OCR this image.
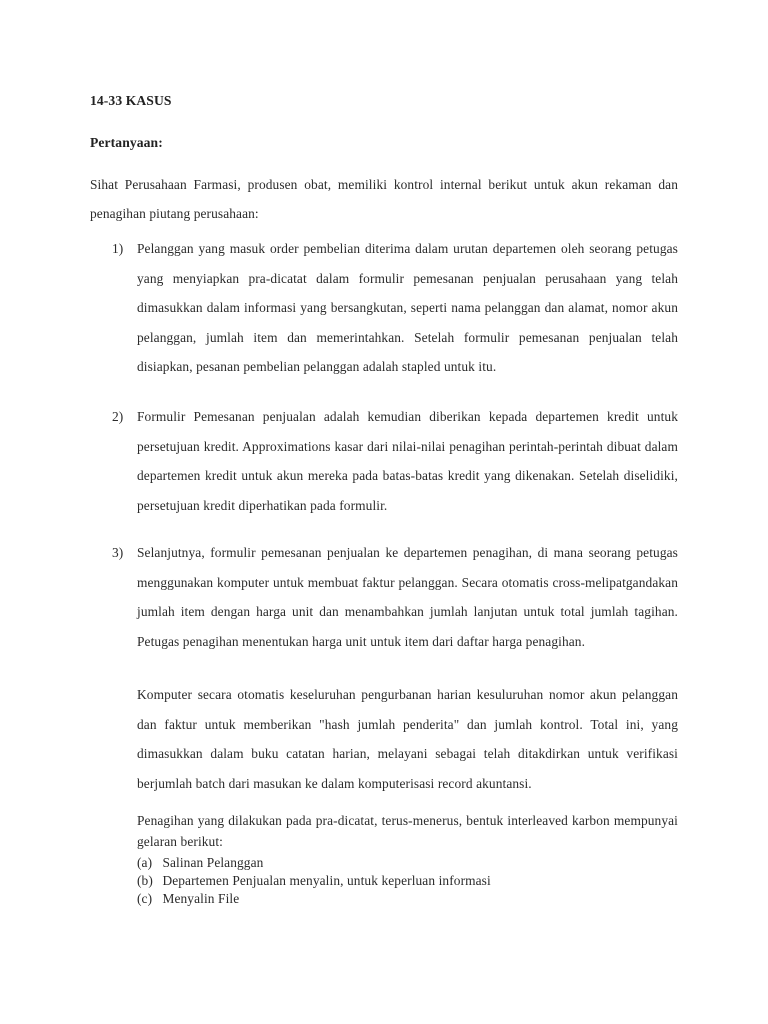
14-33 KASUS
Pertanyaan:
Sihat Perusahaan Farmasi, produsen obat, memiliki kontrol internal berikut untuk akun rekaman dan penagihan piutang perusahaan:
1) Pelanggan yang masuk order pembelian diterima dalam urutan departemen oleh seorang petugas yang menyiapkan pra-dicatat dalam formulir pemesanan penjualan perusahaan yang telah dimasukkan dalam informasi yang bersangkutan, seperti nama pelanggan dan alamat, nomor akun pelanggan, jumlah item dan memerintahkan. Setelah formulir pemesanan penjualan telah disiapkan, pesanan pembelian pelanggan adalah stapled untuk itu.
2) Formulir Pemesanan penjualan adalah kemudian diberikan kepada departemen kredit untuk persetujuan kredit. Approximations kasar dari nilai-nilai penagihan perintah-perintah dibuat dalam departemen kredit untuk akun mereka pada batas-batas kredit yang dikenakan. Setelah diselidiki, persetujuan kredit diperhatikan pada formulir.
3) Selanjutnya, formulir pemesanan penjualan ke departemen penagihan, di mana seorang petugas menggunakan komputer untuk membuat faktur pelanggan. Secara otomatis cross-melipatgandakan jumlah item dengan harga unit dan menambahkan jumlah lanjutan untuk total jumlah tagihan. Petugas penagihan menentukan harga unit untuk item dari daftar harga penagihan.
Komputer secara otomatis keseluruhan pengurbanan harian kesuluruhan nomor akun pelanggan dan faktur untuk memberikan "hash jumlah penderita" dan jumlah kontrol. Total ini, yang dimasukkan dalam buku catatan harian, melayani sebagai telah ditakdirkan untuk verifikasi berjumlah batch dari masukan ke dalam komputerisasi record akuntansi.
Penagihan yang dilakukan pada pra-dicatat, terus-menerus, bentuk interleaved karbon mempunyai gelaran berikut:
(a) Salinan Pelanggan
(b) Departemen Penjualan menyalin, untuk keperluan informasi
(c) Menyalin File
